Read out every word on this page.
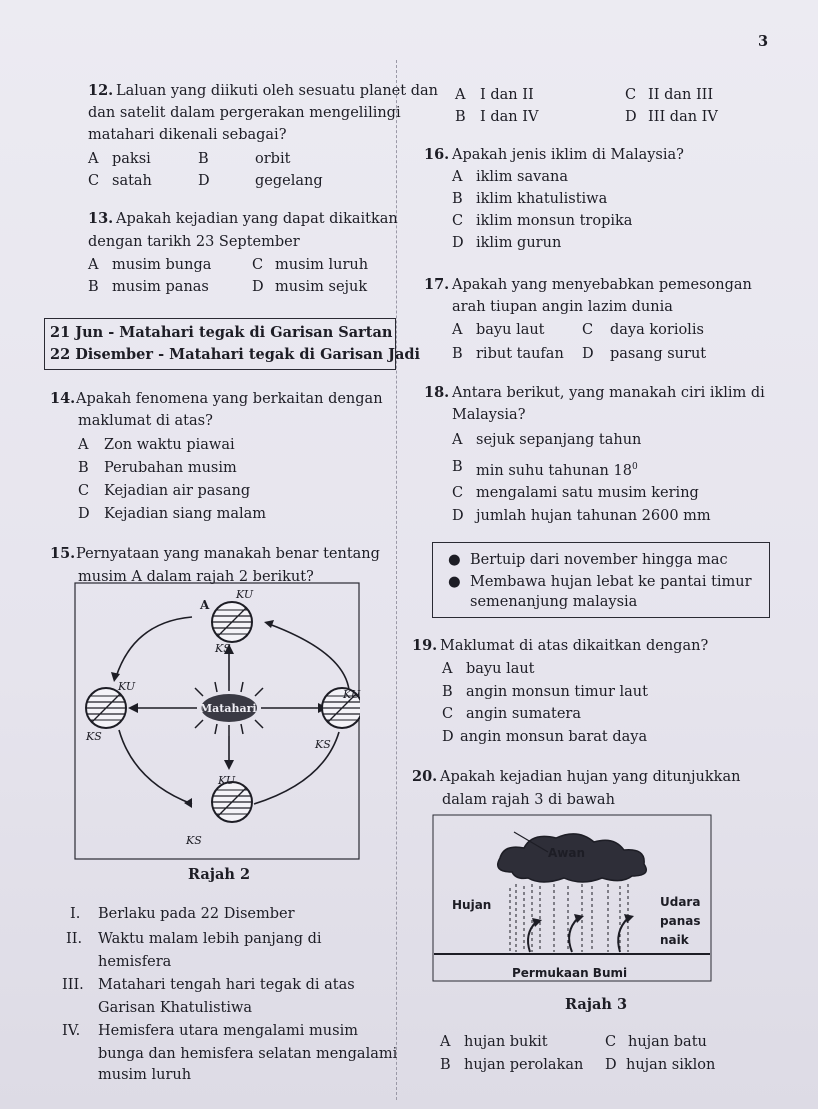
3
12. Laluan yang diikuti oleh sesuatu planet dan
dan satelit dalam pergerakan mengelilingi
matahari dikenali sebagai?
A paksi	B	orbit
C satah	D	gegelang
13. Apakah kejadian yang dapat dikaitkan
dengan tarikh 23 September
A musim bunga	C musim luruh
B musim panas	D musim sejuk
21 Jun - Matahari tegak di Garisan Sartan
22 Disember - Matahari tegak di Garisan Jadi
14. Apakah fenomena yang berkaitan dengan
maklumat di atas?
A Zon waktu piawai
B Perubahan musim
C Kejadian air pasang
D Kejadian siang malam
15. Pernyataan yang manakah benar tentang
musim A dalam rajah 2 berikut?
A
KU
KS
KU
KS
KU
KS
KU
KS
Matahari
Rajah 2
I. Berlaku pada 22 Disember
II. Waktu malam lebih panjang di
hemisfera
III. Matahari tengah hari tegak di atas
Garisan Khatulistiwa
IV. Hemisfera utara mengalami musim
bunga dan hemisfera selatan mengalami
musim luruh
A I dan II	C II dan III
B I dan IV	D III dan IV
16. Apakah jenis iklim di Malaysia?
A iklim savana
B iklim khatulistiwa
C iklim monsun tropika
D iklim gurun
17. Apakah yang menyebabkan pemesongan
arah tiupan angin lazim dunia
A bayu laut	C daya koriolis
B ribut taufan D pasang surut
18. Antara berikut, yang manakah ciri iklim di
Malaysia?
A sejuk sepanjang tahun
B min suhu tahunan $18^0$
C mengalami satu musim kering
D jumlah hujan tahunan 2600 mm
● Bertuip dari november hingga mac
● Membawa hujan lebat ke pantai timur
semenanjung malaysia
19. Maklumat di atas dikaitkan dengan?
A bayu laut
B angin monsun timur laut
C angin sumatera
D angin monsun barat daya
20. Apakah kejadian hujan yang ditunjukkan
dalam rajah 3 di bawah
Awan
Hujan	Udara
panas
naik
Permukaan Bumi
Rajah 3
A hujan bukit	C hujan batu
B hujan perolakan D hujan siklon
